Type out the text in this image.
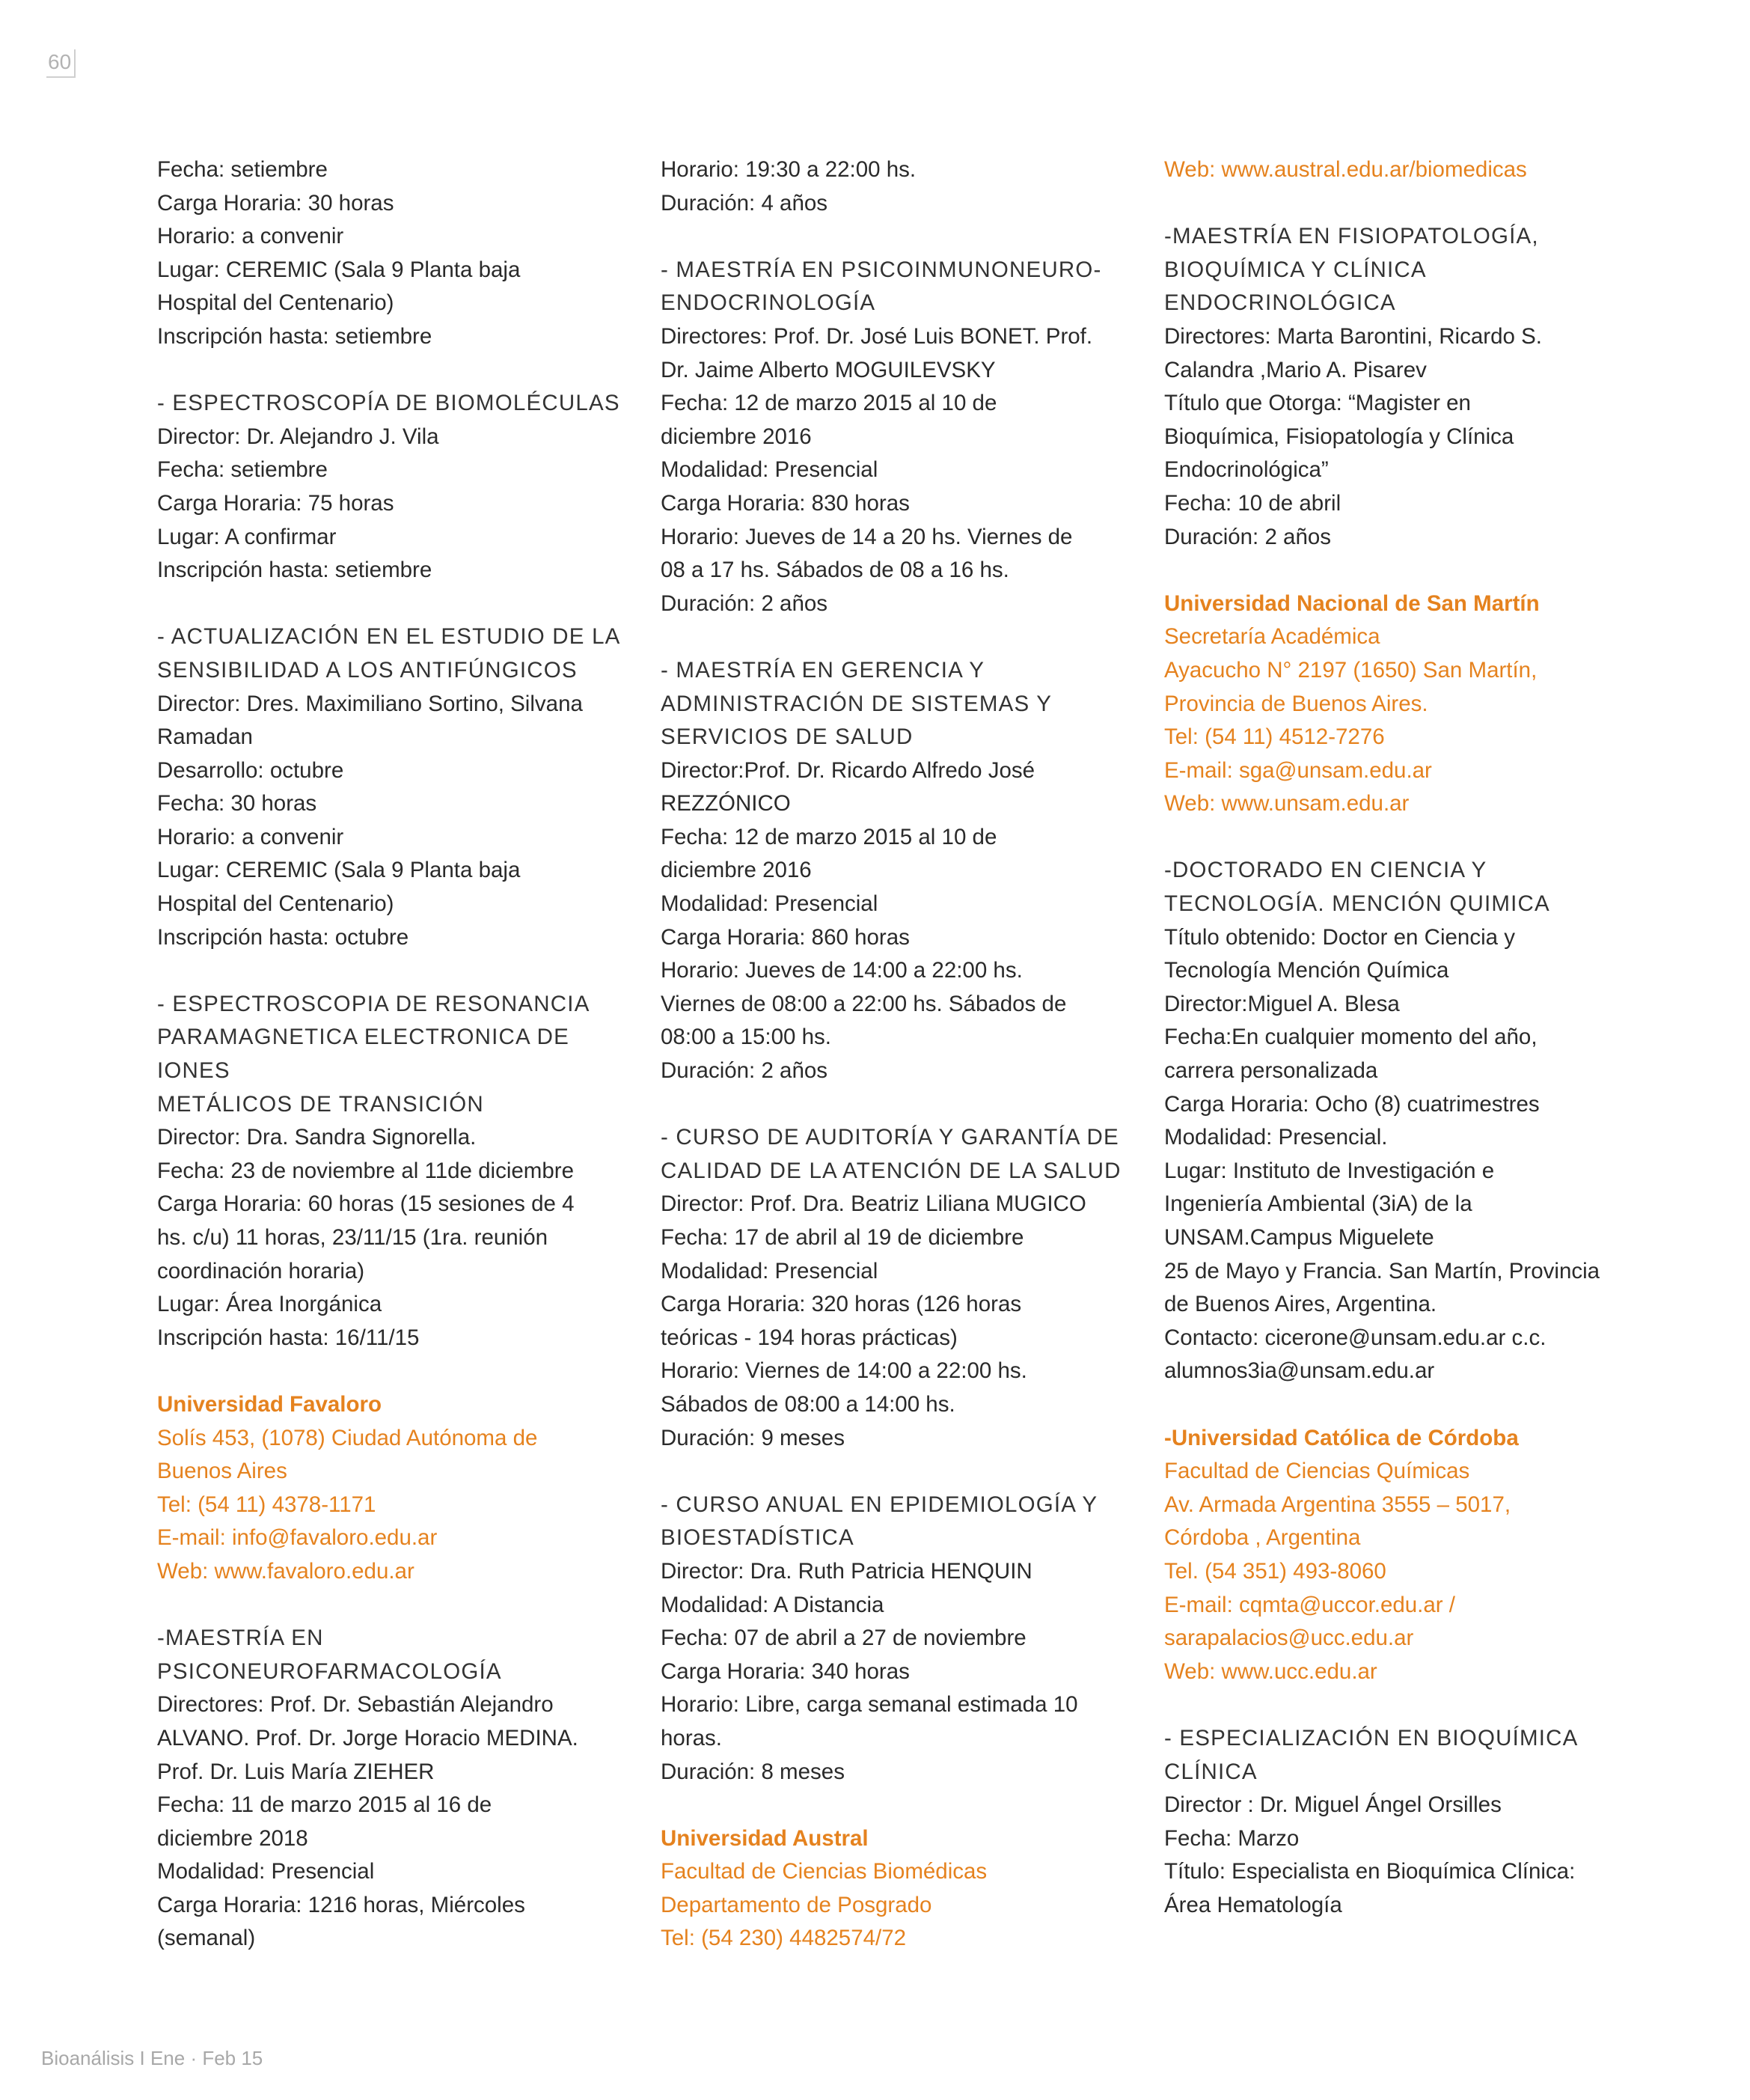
60
Fecha: setiembre
Carga Horaria: 30 horas
Horario: a convenir
Lugar: CEREMIC (Sala 9 Planta baja
Hospital del Centenario)
Inscripción hasta: setiembre
- ESPECTROSCOPÍA DE BIOMOLÉCULAS
Director: Dr. Alejandro J. Vila
Fecha: setiembre
Carga Horaria: 75 horas
Lugar: A confirmar
Inscripción hasta: setiembre
- ACTUALIZACIÓN EN EL ESTUDIO DE LA
SENSIBILIDAD A LOS ANTIFÚNGICOS
Director: Dres. Maximiliano Sortino, Silvana
Ramadan
Desarrollo: octubre
Fecha: 30 horas
Horario: a convenir
Lugar: CEREMIC (Sala 9 Planta baja
Hospital del Centenario)
Inscripción hasta: octubre
- ESPECTROSCOPIA DE RESONANCIA
PARAMAGNETICA ELECTRONICA DE
IONES
METÁLICOS DE TRANSICIÓN
Director: Dra. Sandra Signorella.
Fecha: 23 de noviembre al 11de diciembre
Carga Horaria: 60 horas (15 sesiones de 4
hs. c/u) 11 horas, 23/11/15 (1ra. reunión
coordinación horaria)
Lugar: Área Inorgánica
Inscripción hasta: 16/11/15
Universidad Favaloro
Solís 453, (1078) Ciudad Autónoma de
Buenos Aires
Tel: (54 11) 4378-1171
E-mail: info@favaloro.edu.ar
Web: www.favaloro.edu.ar
-MAESTRÍA EN
PSICONEUROFARMACOLOGÍA
Directores: Prof. Dr. Sebastián Alejandro
ALVANO. Prof. Dr. Jorge Horacio MEDINA.
Prof. Dr. Luis María ZIEHER
Fecha: 11 de marzo 2015 al 16 de
diciembre 2018
Modalidad: Presencial
Carga Horaria: 1216 horas, Miércoles
(semanal)
Horario: 19:30 a 22:00 hs.
Duración: 4 años
- MAESTRÍA EN PSICOINMUNONEURO-
ENDOCRINOLOGÍA
Directores: Prof. Dr. José Luis BONET. Prof.
Dr. Jaime Alberto MOGUILEVSKY
Fecha: 12 de marzo 2015 al 10 de
diciembre 2016
Modalidad: Presencial
Carga Horaria: 830 horas
Horario: Jueves de 14 a 20 hs. Viernes de
08 a 17 hs. Sábados de 08 a 16 hs.
Duración: 2 años
- MAESTRÍA EN GERENCIA Y
ADMINISTRACIÓN DE SISTEMAS Y
SERVICIOS DE SALUD
Director:Prof. Dr. Ricardo Alfredo José
REZZÓNICO
Fecha: 12 de marzo 2015 al 10 de
diciembre 2016
Modalidad: Presencial
Carga Horaria: 860 horas
Horario: Jueves de 14:00 a 22:00 hs.
Viernes de 08:00 a 22:00 hs. Sábados de
08:00 a 15:00 hs.
Duración: 2 años
- CURSO DE AUDITORÍA Y GARANTÍA DE
CALIDAD DE LA ATENCIÓN DE LA SALUD
Director: Prof. Dra. Beatriz Liliana MUGICO
Fecha: 17 de abril al 19 de diciembre
Modalidad: Presencial
Carga Horaria: 320 horas (126 horas
teóricas - 194 horas prácticas)
Horario: Viernes de 14:00 a 22:00 hs.
Sábados de 08:00 a 14:00 hs.
Duración: 9 meses
- CURSO ANUAL EN EPIDEMIOLOGÍA Y
BIOESTADÍSTICA
Director: Dra. Ruth Patricia HENQUIN
Modalidad: A Distancia
Fecha: 07 de abril a 27 de noviembre
Carga Horaria: 340 horas
Horario: Libre, carga semanal estimada 10
horas.
Duración: 8 meses
Universidad Austral
Facultad de Ciencias Biomédicas
Departamento de Posgrado
Tel: (54 230) 4482574/72
Web: www.austral.edu.ar/biomedicas
-MAESTRÍA EN FISIOPATOLOGÍA,
BIOQUÍMICA Y CLÍNICA
ENDOCRINOLÓGICA
Directores: Marta Barontini, Ricardo S.
Calandra ,Mario A. Pisarev
Título que Otorga: “Magister en
Bioquímica, Fisiopatología y Clínica
Endocrinológica”
Fecha: 10 de abril
Duración: 2 años
Universidad Nacional de San Martín
Secretaría Académica
Ayacucho N° 2197 (1650) San Martín,
Provincia de Buenos Aires.
Tel: (54 11) 4512-7276
E-mail: sga@unsam.edu.ar
Web: www.unsam.edu.ar
-DOCTORADO EN CIENCIA Y
TECNOLOGÍA. MENCIÓN QUIMICA
Título obtenido: Doctor en Ciencia y
Tecnología Mención Química
Director:Miguel A. Blesa
Fecha:En cualquier momento del año,
carrera personalizada
Carga Horaria: Ocho (8) cuatrimestres
Modalidad: Presencial.
Lugar: Instituto de Investigación e
Ingeniería Ambiental (3iA) de la
UNSAM.Campus Miguelete
25 de Mayo y Francia. San Martín, Provincia
de Buenos Aires, Argentina.
Contacto: cicerone@unsam.edu.ar c.c.
alumnos3ia@unsam.edu.ar
-Universidad Católica de Córdoba
Facultad de Ciencias Químicas
Av. Armada Argentina 3555 – 5017,
Córdoba , Argentina
Tel. (54 351) 493-8060
E-mail: cqmta@uccor.edu.ar /
sarapalacios@ucc.edu.ar
Web: www.ucc.edu.ar
- ESPECIALIZACIÓN EN BIOQUÍMICA
CLÍNICA
Director : Dr. Miguel Ángel Orsilles
Fecha: Marzo
Título: Especialista en Bioquímica Clínica:
Área Hematología
Bioanálisis I Ene · Feb 15
